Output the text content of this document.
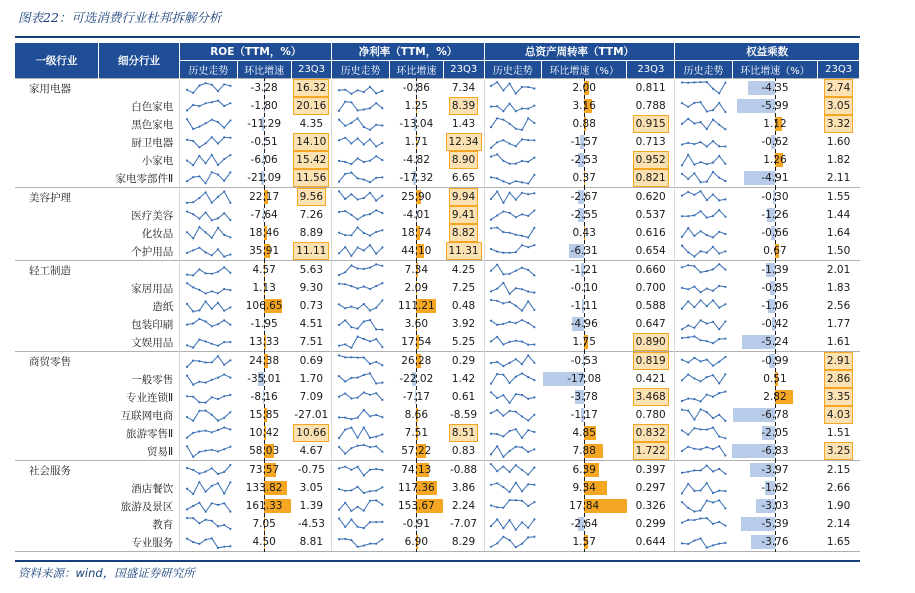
图表22：可选消费行业杜邦拆解分析
一级行业	细分行业	ROE（TTM，%）			净利率（TTM，%）			总资产周转率（TTM）			权益乘数		
		历史走势	环比增速	23Q3	历史走势	环比增速	23Q3	历史走势	环比增速（%）	23Q3	历史走势	环比增速（%）	23Q3
家用电器			-3.28	16.32		-0.86	7.34		2.00	0.811		-4.35	2.74
	白色家电		-1.80	20.16		1.25	8.39		3.16	0.788		-5.99	3.05
	黑色家电		-11.29	4.35		-13.04	1.43		0.88	0.915		1.12	3.32
	厨卫电器		-0.51	14.10		1.71	12.34		-1.57	0.713		-0.62	1.60
	小家电		-6.06	15.42		-4.82	8.90		-2.53	0.952		1.26	1.82
	家电零部件Ⅱ		-21.09	11.56		-17.32	6.65		0.37	0.821		-4.91	2.11
美容护理			22.17	9.56		25.90	9.94		-2.67	0.620		-0.30	1.55
	医疗美容		-7.64	7.26		-4.01	9.41		-2.55	0.537		-1.26	1.44
	化妆品		18.46	8.89		18.74	8.82		0.43	0.616		-0.66	1.64
	个护用品		35.91	11.11		44.10	11.31		-6.31	0.654		0.67	1.50
轻工制造			4.57	5.63		7.34	4.25		-1.21	0.660		-1.39	2.01
	家居用品		1.13	9.30		2.09	7.25		-0.10	0.700		-0.85	1.83
	造纸		106.65	0.73		111.21	0.48		-1.11	0.588		-1.06	2.56
	包装印刷		-1.95	4.51		3.60	3.92		-4.96	0.647		-0.42	1.77
	文娱用品		13.33	7.51		17.54	5.25		1.75	0.890		-5.24	1.61
商贸零售			24.38	0.69		26.28	0.29		-0.53	0.819		-0.99	2.91
	一般零售		-35.01	1.70		-22.02	1.42		-17.08	0.421		0.51	2.86
	专业连锁Ⅱ		-8.16	7.09		-7.17	0.61		-3.78	3.468		2.82	3.35
	互联网电商		15.85	-27.01		8.66	-8.59		-1.17	0.780		-6.78	4.03
	旅游零售Ⅱ		10.42	10.66		7.51	8.51		4.85	0.832		-2.05	1.51
	贸易Ⅱ		58.03	4.67		57.22	0.83		7.88	1.722		-6.83	3.25
社会服务			73.57	-0.75		74.13	-0.88		6.39	0.397		-3.97	2.15
	酒店餐饮		133.82	3.05		117.36	3.86		9.34	0.297		-1.62	2.66
	旅游及景区		161.33	1.39		153.67	2.24		17.84	0.326		-3.03	1.90
	教育		7.05	-4.53		-0.91	-7.07		-2.64	0.299		-5.39	2.14
	专业服务		4.50	8.81		6.90	8.29		1.57	0.644		-3.76	1.65
资料来源：wind，国盛证券研究所
